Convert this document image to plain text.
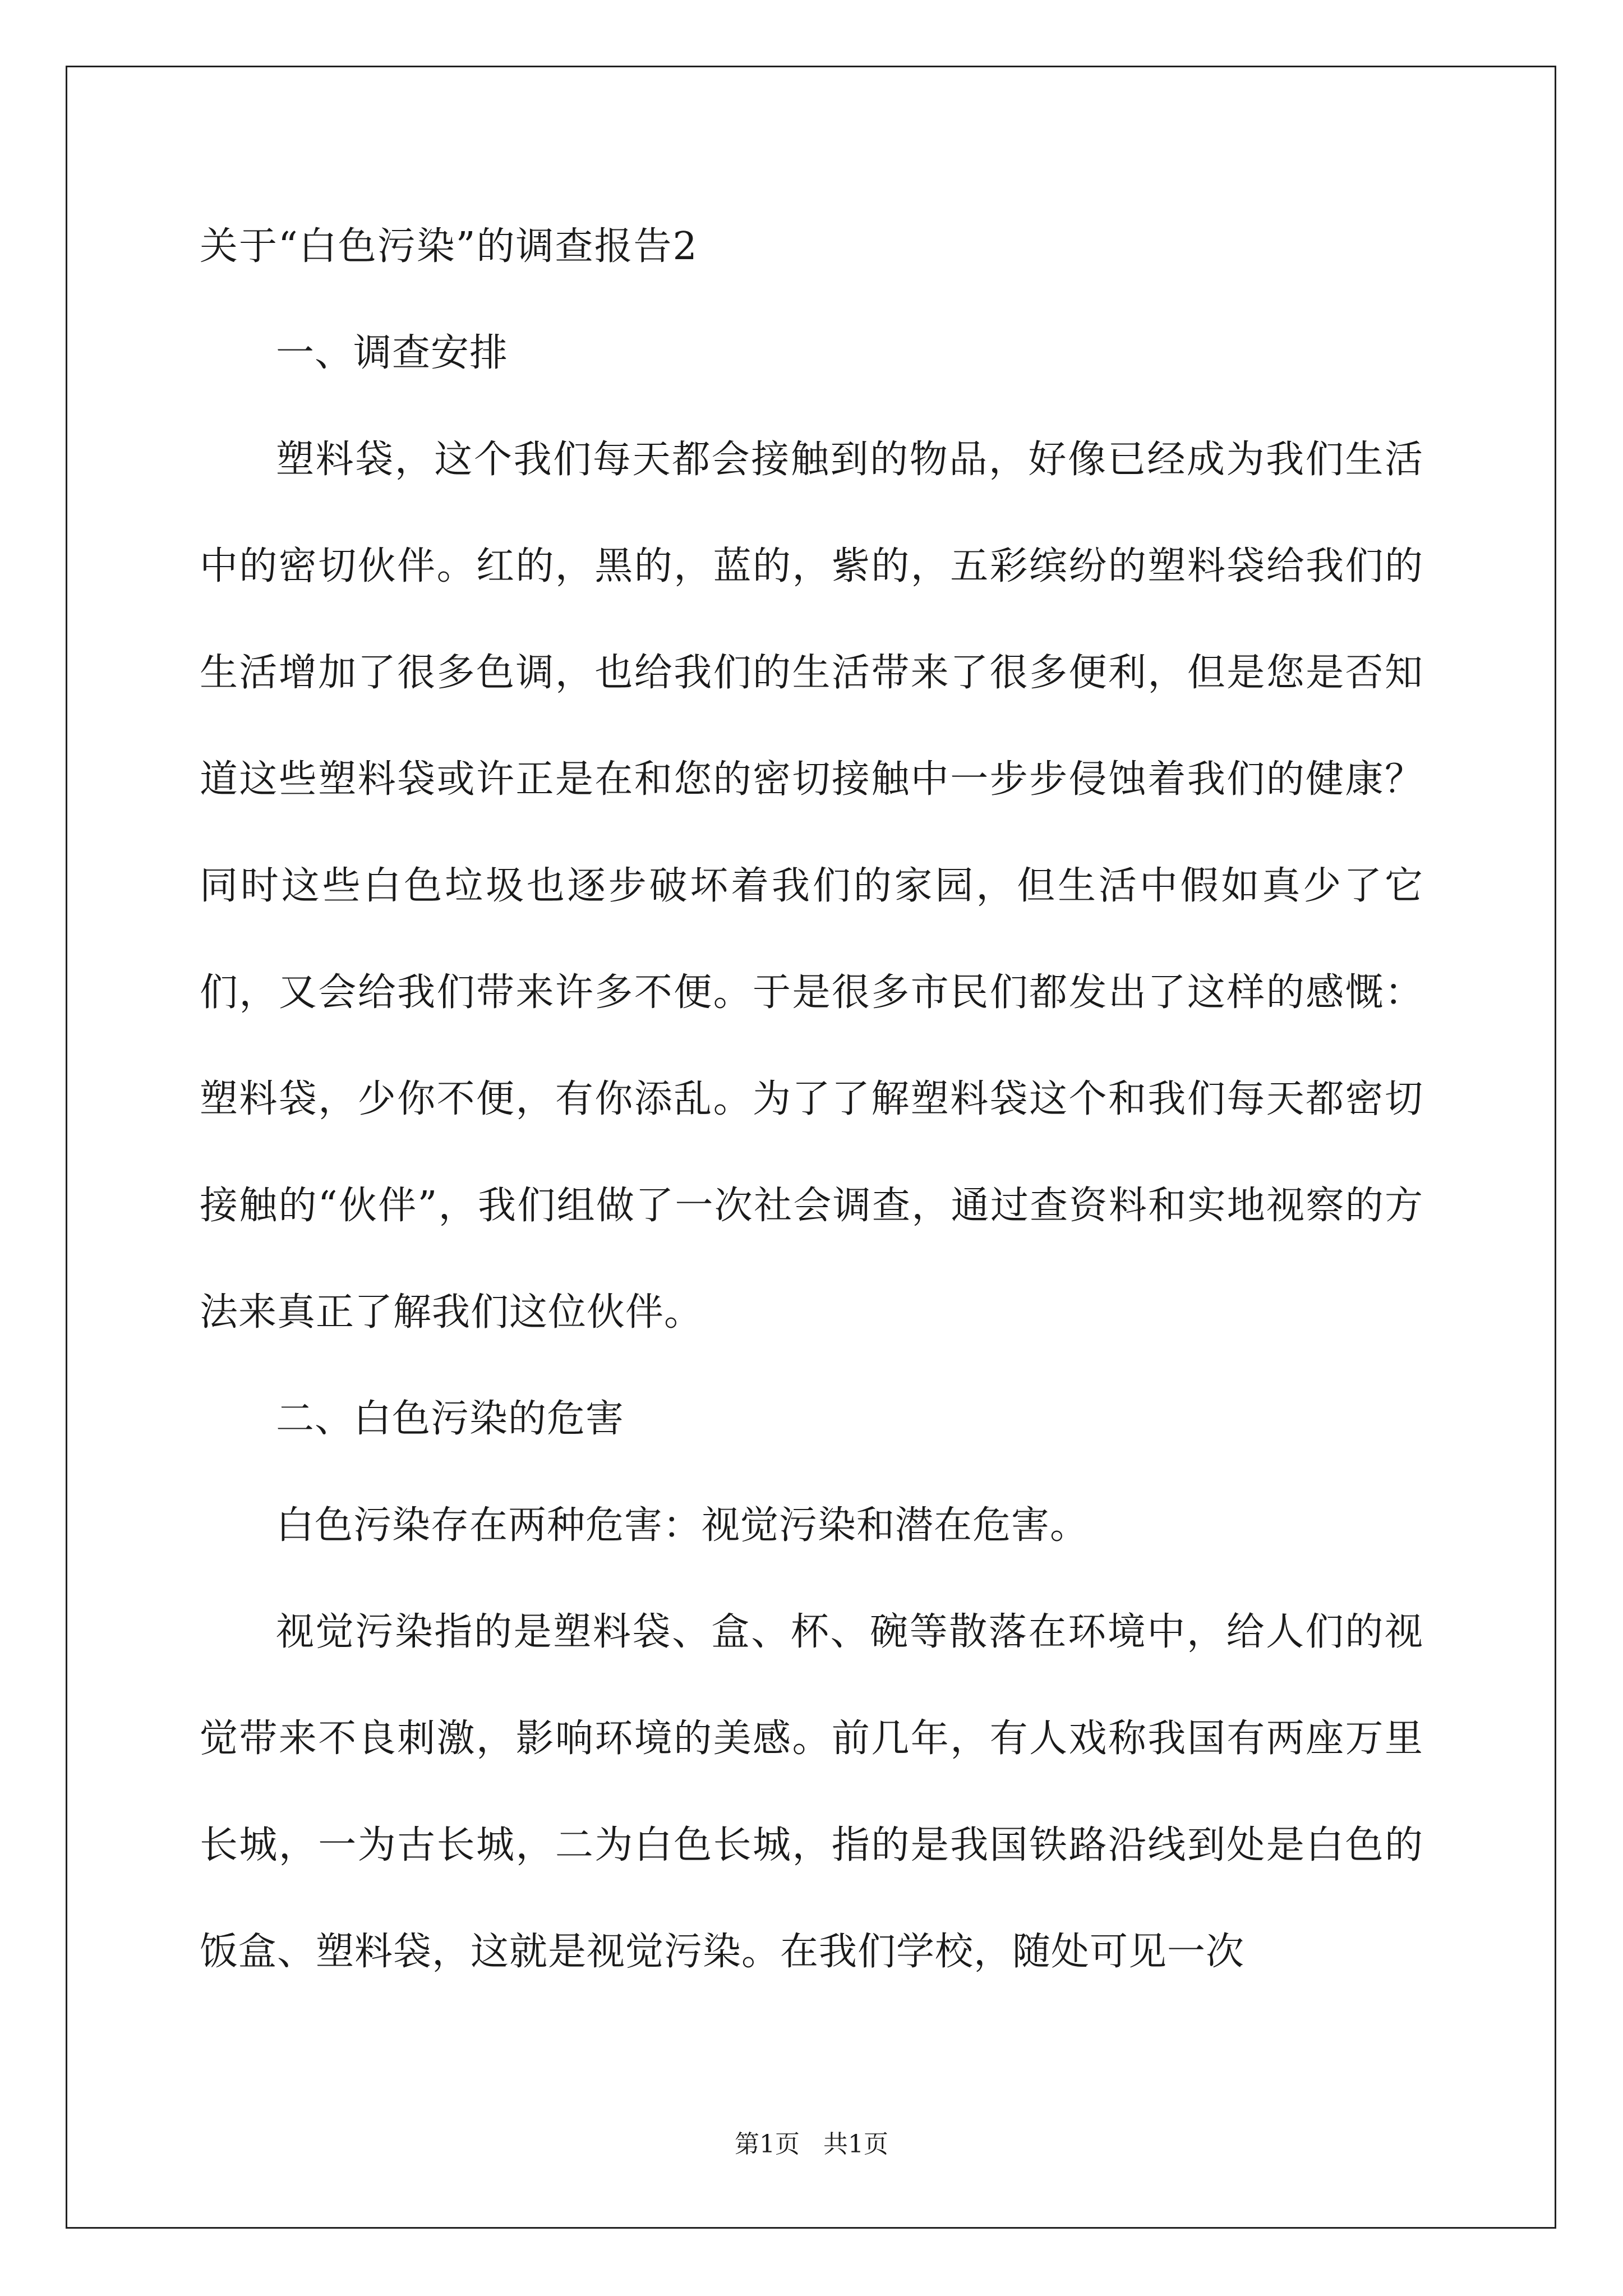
关于“白色污染”的调查报告2

一、调查安排

塑料袋，这个我们每天都会接触到的物品，好像已经成为我们生活中的密切伙伴。红的，黑的，蓝的，紫的，五彩缤纷的塑料袋给我们的生活增加了很多色调，也给我们的生活带来了很多便利，但是您是否知道这些塑料袋或许正是在和您的密切接触中一步步侵蚀着我们的健康？同时这些白色垃圾也逐步破坏着我们的家园，但生活中假如真少了它们，又会给我们带来许多不便。于是很多市民们都发出了这样的感慨：塑料袋，少你不便，有你添乱。为了了解塑料袋这个和我们每天都密切接触的“伙伴”，我们组做了一次社会调查，通过查资料和实地视察的方法来真正了解我们这位伙伴。

二、白色污染的危害

白色污染存在两种危害：视觉污染和潜在危害。

视觉污染指的是塑料袋、盒、杯、碗等散落在环境中，给人们的视觉带来不良刺激，影响环境的美感。前几年，有人戏称我国有两座万里长城，一为古长城，二为白色长城，指的是我国铁路沿线到处是白色的饭盒、塑料袋，这就是视觉污染。在我们学校，随处可见一次

第1页   共1页
